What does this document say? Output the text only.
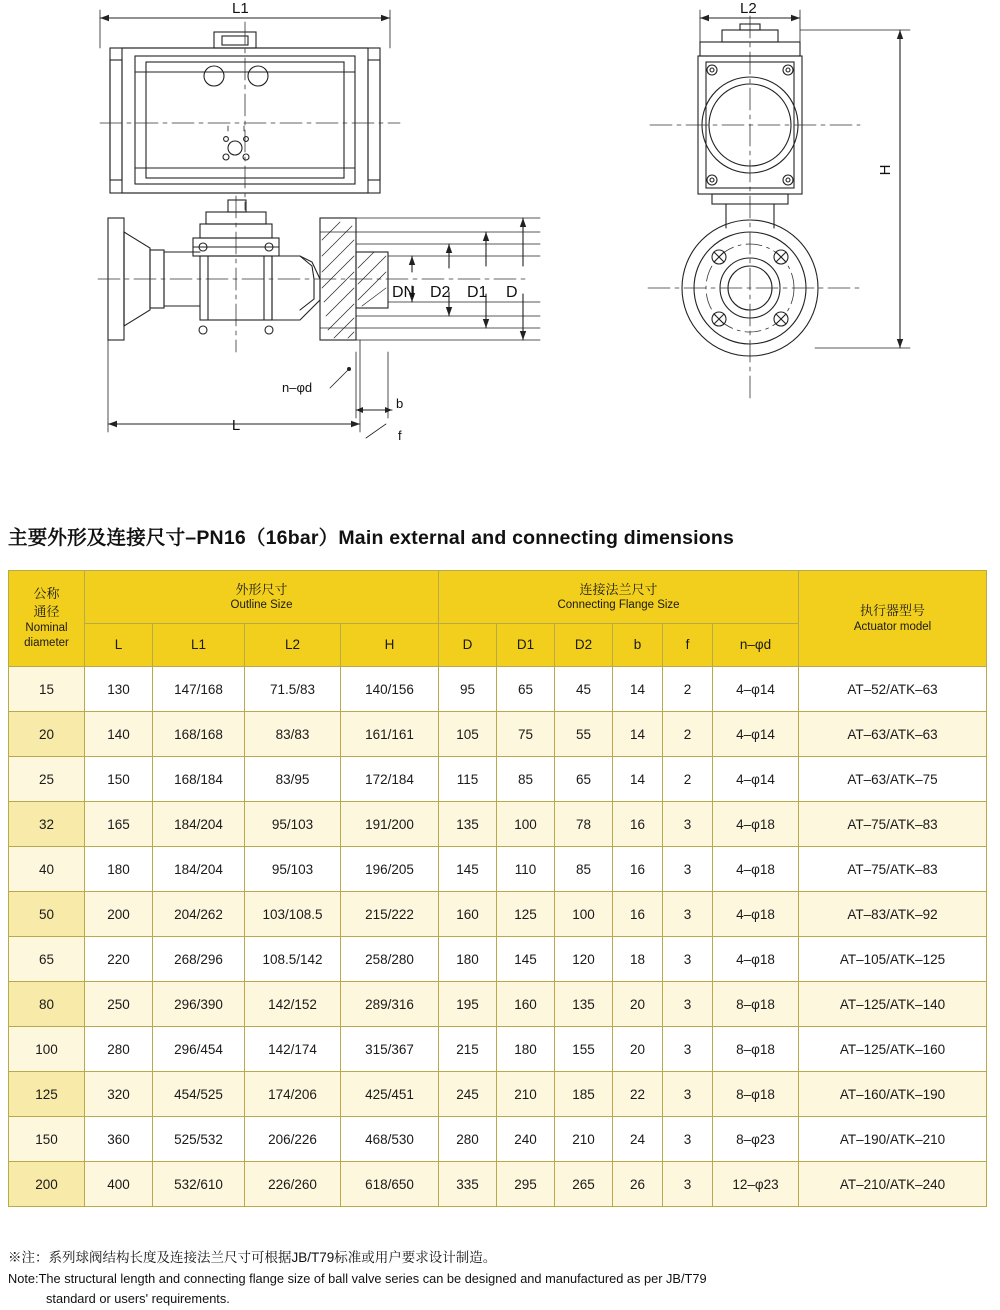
L1	L2
H
L
b
f
n–φd
DN D2 D1 D
主要外形及连接尺寸–PN16（16bar）Main external and connecting dimensions
公称
通径
Nominal
diameter

外形尺寸
Outline Size

连接法兰尺寸
Connecting Flange Size	执行器型号
Actuator model

	L	L1	L2	H	D	D1	D2	b	f	n–φd	
15	130	147/168	71.5/83	140/156	95	65	45	14	2	4–φ14	AT–52/ATK–63
20	140	168/168	83/83	161/161	105	75	55	14	2	4–φ14	AT–63/ATK–63
25	150	168/184	83/95	172/184	115	85	65	14	2	4–φ14	AT–63/ATK–75
32	165	184/204	95/103	191/200	135	100	78	16	3	4–φ18	AT–75/ATK–83
40	180	184/204	95/103	196/205	145	110	85	16	3	4–φ18	AT–75/ATK–83
50	200	204/262	103/108.5	215/222	160	125	100	16	3	4–φ18	AT–83/ATK–92
65	220	268/296	108.5/142	258/280	180	145	120	18	3	4–φ18	AT–105/ATK–125
80	250	296/390	142/152	289/316	195	160	135	20	3	8–φ18	AT–125/ATK–140
100	280	296/454	142/174	315/367	215	180	155	20	3	8–φ18	AT–125/ATK–160
125	320	454/525	174/206	425/451	245	210	185	22	3	8–φ18	AT–160/ATK–190
150	360	525/532	206/226	468/530	280	240	210	24	3	8–φ23	AT–190/ATK–210
200	400	532/610	226/260	618/650	335	295	265	26	3	12–φ23	AT–210/ATK–240
※注：系列球阀结构长度及连接法兰尺寸可根据JB/T79标准或用户要求设计制造。
Note:The structural length and connecting flange size of ball valve series can be designed and manufactured as per JB/T79
standard or users' requirements.
